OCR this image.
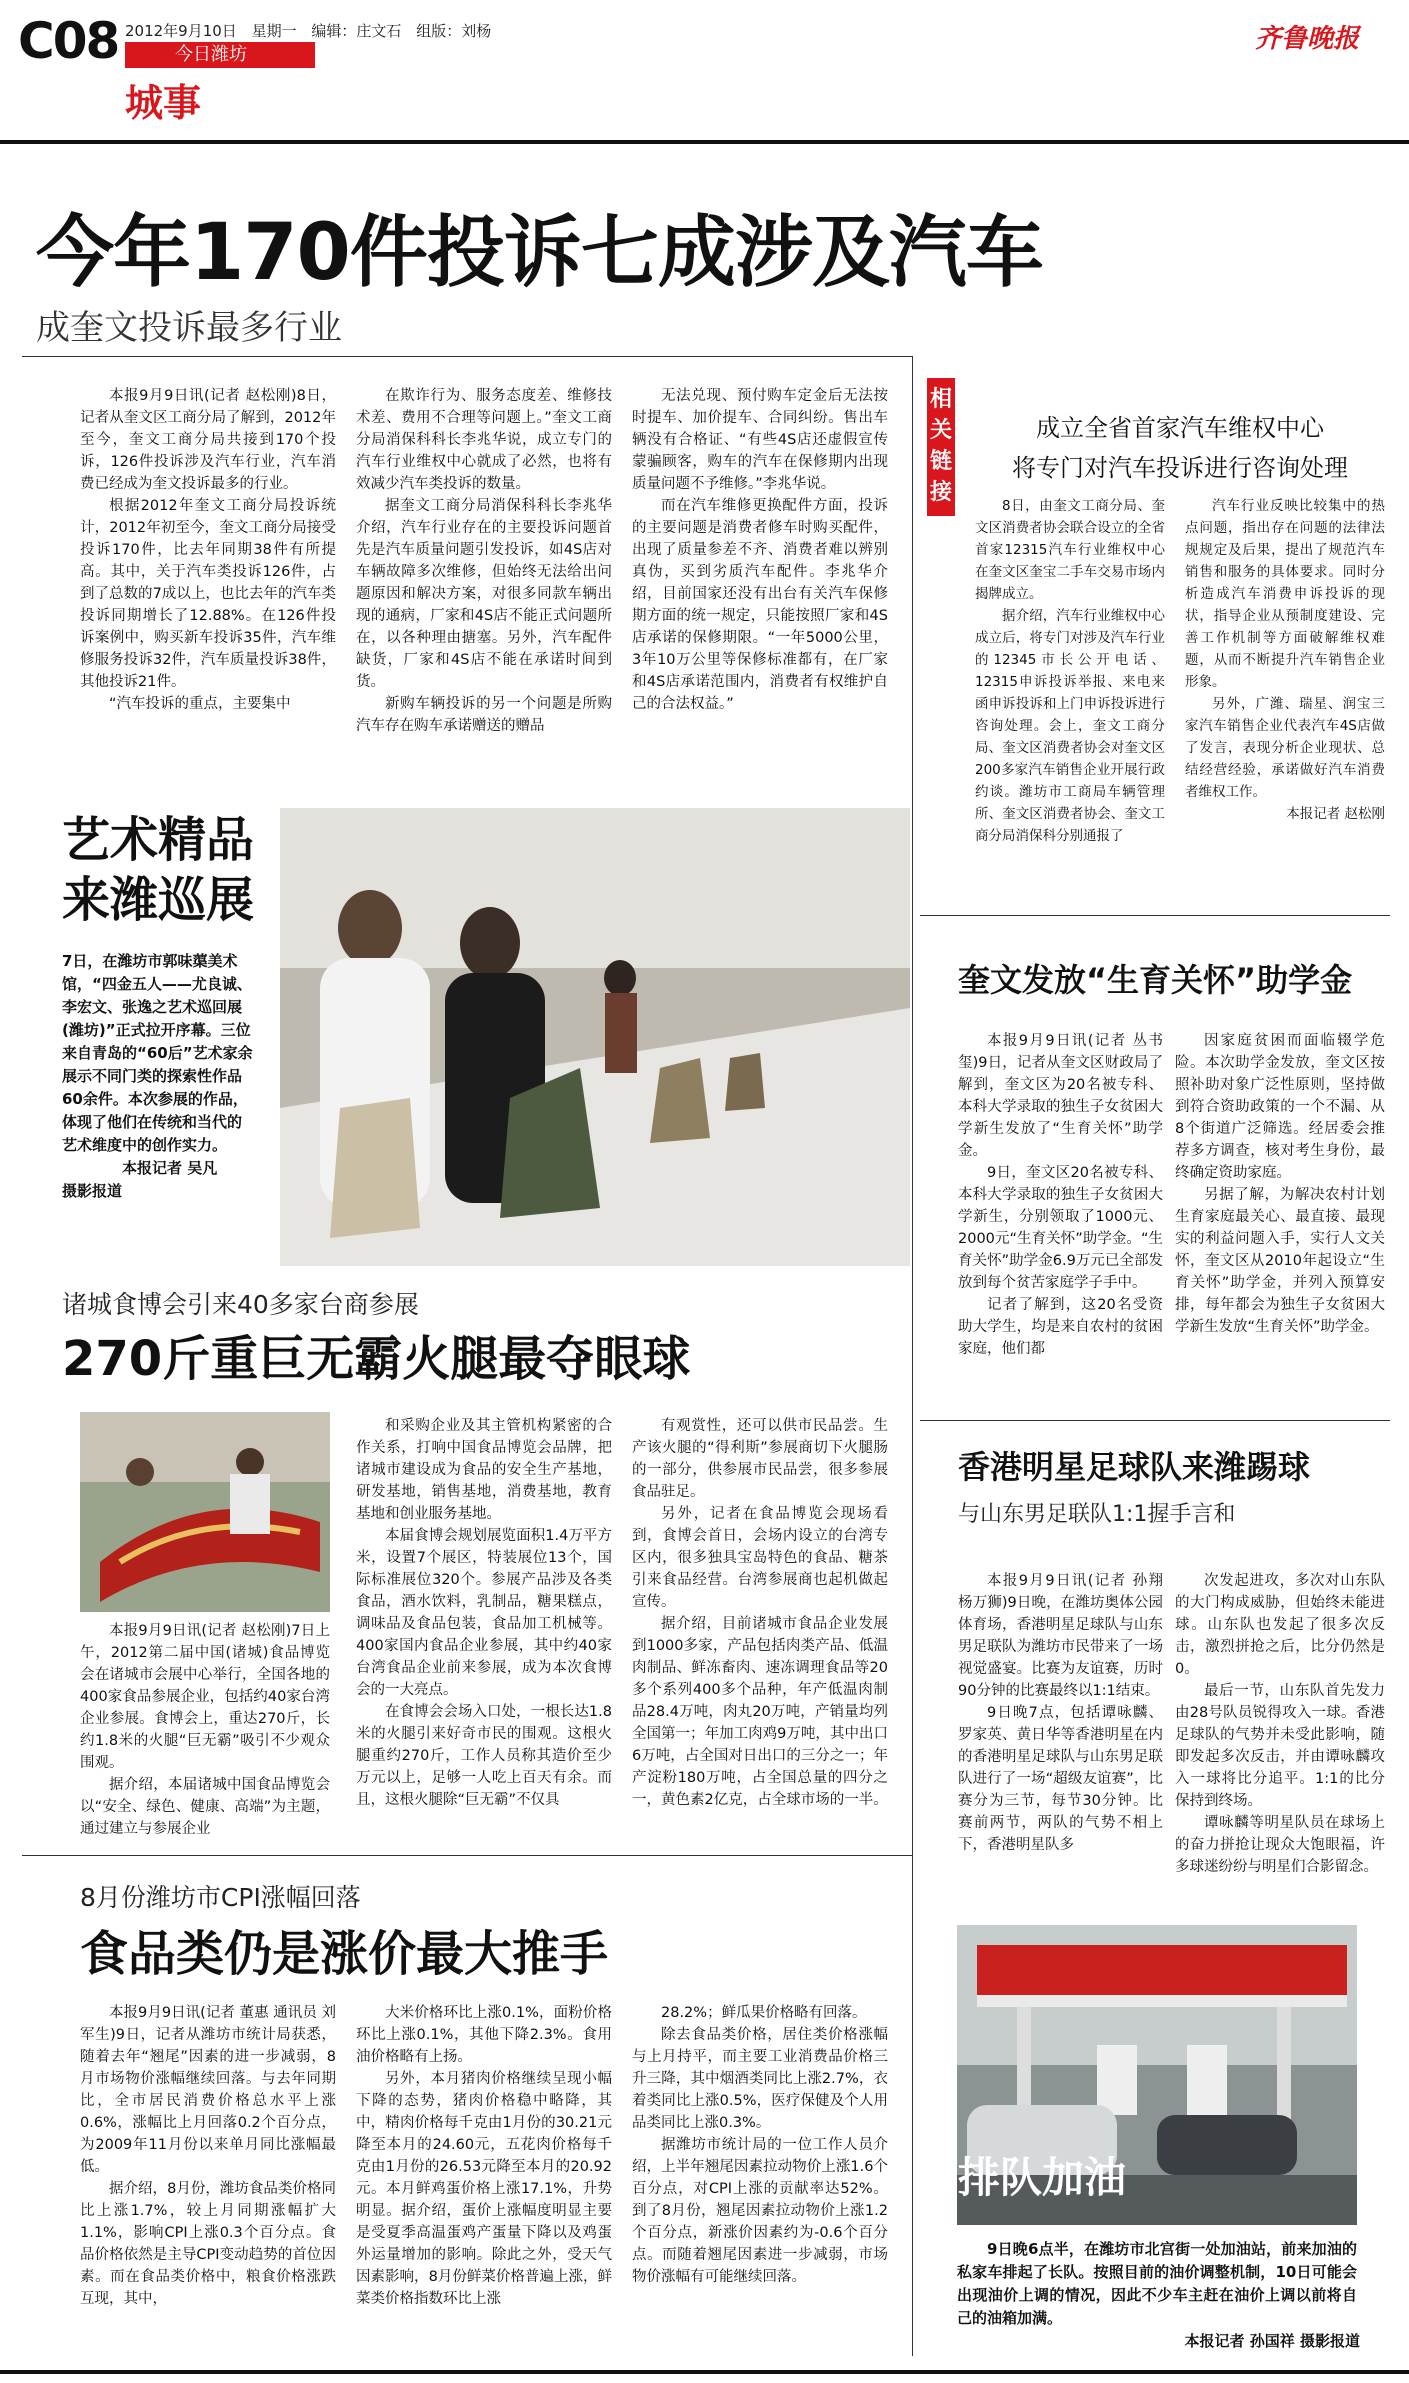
C08 2012年9月10日 星期一 编辑：庄文石 组版：刘杨
今日潍坊
城事
齐鲁晚报
今年170件投诉七成涉及汽车
成奎文投诉最多行业

本报9月9日讯(记者 赵松刚)8日，记者从奎文区工商分局了解到，2012年至今，奎文工商分局共接到170个投诉，126件投诉涉及汽车行业，汽车消费已经成为奎文投诉最多的行业。

根据2012年奎文工商分局投诉统计，2012年初至今，奎文工商分局接受投诉170件，比去年同期38件有所提高。其中，关于汽车类投诉126件，占到了总数的7成以上，也比去年的汽车类投诉同期增长了12.88%。在126件投诉案例中，购买新车投诉35件，汽车维修服务投诉32件，汽车质量投诉38件，其他投诉21件。

“汽车投诉的重点，主要集中

在欺诈行为、服务态度差、维修技术差、费用不合理等问题上。”奎文工商分局消保科科长李兆华说，成立专门的汽车行业维权中心就成了必然，也将有效减少汽车类投诉的数量。

据奎文工商分局消保科科长李兆华介绍，汽车行业存在的主要投诉问题首先是汽车质量问题引发投诉，如4S店对车辆故障多次维修，但始终无法给出问题原因和解决方案，对很多同款车辆出现的通病，厂家和4S店不能正式问题所在，以各种理由搪塞。另外，汽车配件缺货，厂家和4S店不能在承诺时间到货。

新购车辆投诉的另一个问题是所购汽车存在购车承诺赠送的赠品

无法兑现、预付购车定金后无法按时提车、加价提车、合同纠纷。售出车辆没有合格证、“有些4S店还虚假宣传蒙骗顾客，购车的汽车在保修期内出现质量问题不予维修。”李兆华说。

而在汽车维修更换配件方面，投诉的主要问题是消费者修车时购买配件，出现了质量参差不齐、消费者难以辨别真伪，买到劣质汽车配件。李兆华介绍，目前国家还没有出台有关汽车保修期方面的统一规定，只能按照厂家和4S店承诺的保修期限。“一年5000公里，3年10万公里等保修标准都有，在厂家和4S店承诺范围内，消费者有权维护自己的合法权益。”

相关链接
成立全省首家汽车维权中心
将专门对汽车投诉进行咨询处理

8日，由奎文工商分局、奎文区消费者协会联合设立的全省首家12315汽车行业维权中心在奎文区奎宝二手车交易市场内揭牌成立。

据介绍，汽车行业维权中心成立后，将专门对涉及汽车行业的12345市长公开电话、12315申诉投诉举报、来电来函申诉投诉和上门申诉投诉进行咨询处理。会上，奎文工商分局、奎文区消费者协会对奎文区200多家汽车销售企业开展行政约谈。潍坊市工商局车辆管理所、奎文区消费者协会、奎文工商分局消保科分别通报了

汽车行业反映比较集中的热点问题，指出存在问题的法律法规规定及后果，提出了规范汽车销售和服务的具体要求。同时分析造成汽车消费申诉投诉的现状，指导企业从预制度建设、完善工作机制等方面破解维权难题，从而不断提升汽车销售企业形象。

另外，广潍、瑞星、润宝三家汽车销售企业代表汽车4S店做了发言，表现分析企业现状、总结经营经验，承诺做好汽车消费者维权工作。

本报记者 赵松刚

艺术精品来潍巡展
7日，在潍坊市郭味蕖美术馆，“四金五人——尤良诚、李宏文、张逸之艺术巡回展(潍坊)”正式拉开序幕。三位来自青岛的“60后”艺术家余展示不同门类的探索性作品60余件。本次参展的作品，体现了他们在传统和当代的艺术维度中的创作实力。
本报记者 吴凡
摄影报道
诸城食博会引来40多家台商参展
270斤重巨无霸火腿最夺眼球

本报9月9日讯(记者 赵松刚)7日上午，2012第二届中国(诸城)食品博览会在诸城市会展中心举行，全国各地的400家食品参展企业，包括约40家台湾企业参展。食博会上，重达270斤，长约1.8米的火腿“巨无霸”吸引不少观众围观。

据介绍，本届诸城中国食品博览会以“安全、绿色、健康、高端”为主题，通过建立与参展企业

和采购企业及其主管机构紧密的合作关系，打响中国食品博览会品牌，把诸城市建设成为食品的安全生产基地，研发基地，销售基地，消费基地，教育基地和创业服务基地。

本届食博会规划展览面积1.4万平方米，设置7个展区，特装展位13个，国际标准展位320个。参展产品涉及各类食品，酒水饮料，乳制品，糖果糕点，调味品及食品包装，食品加工机械等。400家国内食品企业参展，其中约40家台湾食品企业前来参展，成为本次食博会的一大亮点。

在食博会会场入口处，一根长达1.8米的火腿引来好奇市民的围观。这根火腿重约270斤，工作人员称其造价至少万元以上，足够一人吃上百天有余。而且，这根火腿除“巨无霸”不仅具

有观赏性，还可以供市民品尝。生产该火腿的“得利斯”参展商切下火腿肠的一部分，供参展市民品尝，很多参展食品驻足。

另外，记者在食品博览会现场看到，食博会首日，会场内设立的台湾专区内，很多独具宝岛特色的食品、糖茶引来食品经营。台湾参展商也起机做起宣传。

据介绍，目前诸城市食品企业发展到1000多家，产品包括肉类产品、低温肉制品、鲜冻畜肉、速冻调理食品等20多个系列400多个品种，年产低温肉制品28.4万吨，肉丸20万吨，产销量均列全国第一；年加工肉鸡9万吨，其中出口6万吨，占全国对日出口的三分之一；年产淀粉180万吨，占全国总量的四分之一，黄色素2亿克，占全球市场的一半。

8月份潍坊市CPI涨幅回落
食品类仍是涨价最大推手

本报9月9日讯(记者 董惠 通讯员 刘军生)9日，记者从潍坊市统计局获悉，随着去年“翘尾”因素的进一步减弱，8月市场物价涨幅继续回落。与去年同期比，全市居民消费价格总水平上涨0.6%，涨幅比上月回落0.2个百分点，为2009年11月份以来单月同比涨幅最低。

据介绍，8月份，潍坊食品类价格同比上涨1.7%，较上月同期涨幅扩大1.1%，影响CPI上涨0.3个百分点。食品价格依然是主导CPI变动趋势的首位因素。而在食品类价格中，粮食价格涨跌互现，其中，

大米价格环比上涨0.1%，面粉价格环比上涨0.1%，其他下降2.3%。食用油价格略有上扬。

另外，本月猪肉价格继续呈现小幅下降的态势，猪肉价格稳中略降，其中，精肉价格每千克由1月份的30.21元降至本月的24.60元，五花肉价格每千克由1月份的26.53元降至本月的20.92元。本月鲜鸡蛋价格上涨17.1%，升势明显。据介绍，蛋价上涨幅度明显主要是受夏季高温蛋鸡产蛋量下降以及鸡蛋外运量增加的影响。除此之外，受天气因素影响，8月份鲜菜价格普遍上涨，鲜菜类价格指数环比上涨

28.2%；鲜瓜果价格略有回落。

除去食品类价格，居住类价格涨幅与上月持平，而主要工业消费品价格三升三降，其中烟酒类同比上涨2.7%，衣着类同比上涨0.5%，医疗保健及个人用品类同比上涨0.3%。

据潍坊市统计局的一位工作人员介绍，上半年翘尾因素拉动物价上涨1.6个百分点，对CPI上涨的贡献率达52%。到了8月份，翘尾因素拉动物价上涨1.2个百分点，新涨价因素约为-0.6个百分点。而随着翘尾因素进一步减弱，市场物价涨幅有可能继续回落。

奎文发放“生育关怀”助学金

本报9月9日讯(记者 丛书玺)9日，记者从奎文区财政局了解到，奎文区为20名被专科、本科大学录取的独生子女贫困大学新生发放了“生育关怀”助学金。

9日，奎文区20名被专科、本科大学录取的独生子女贫困大学新生，分别领取了1000元、2000元“生育关怀”助学金。“生育关怀”助学金6.9万元已全部发放到每个贫苦家庭学子手中。

记者了解到，这20名受资助大学生，均是来自农村的贫困家庭，他们都

因家庭贫困而面临辍学危险。本次助学金发放，奎文区按照补助对象广泛性原则，坚持做到符合资助政策的一个不漏、从8个街道广泛筛选。经居委会推荐多方调查，核对考生身份，最终确定资助家庭。

另据了解，为解决农村计划生育家庭最关心、最直接、最现实的利益问题入手，实行人文关怀，奎文区从2010年起设立“生育关怀”助学金，并列入预算安排，每年都会为独生子女贫困大学新生发放“生育关怀”助学金。

香港明星足球队来潍踢球
与山东男足联队1:1握手言和

本报9月9日讯(记者 孙翔 杨万狮)9日晚，在潍坊奥体公园体育场，香港明星足球队与山东男足联队为潍坊市民带来了一场视觉盛宴。比赛为友谊赛，历时90分钟的比赛最终以1:1结束。

9日晚7点，包括谭咏麟、罗家英、黄日华等香港明星在内的香港明星足球队与山东男足联队进行了一场“超级友谊赛”，比赛分为三节，每节30分钟。比赛前两节，两队的气势不相上下，香港明星队多

次发起进攻，多次对山东队的大门构成威胁，但始终未能进球。山东队也发起了很多次反击，激烈拼抢之后，比分仍然是0。

最后一节，山东队首先发力由28号队员锐得攻入一球。香港足球队的气势并未受此影响，随即发起多次反击，并由谭咏麟攻入一球将比分追平。1:1的比分保持到终场。

谭咏麟等明星队员在球场上的奋力拼抢让现众大饱眼福，许多球迷纷纷与明星们合影留念。

排队加油
9日晚6点半，在潍坊市北宫街一处加油站，前来加油的私家车排起了长队。按照目前的油价调整机制，10日可能会出现油价上调的情况，因此不少车主赶在油价上调以前将自己的油箱加满。
本报记者 孙国祥 摄影报道
